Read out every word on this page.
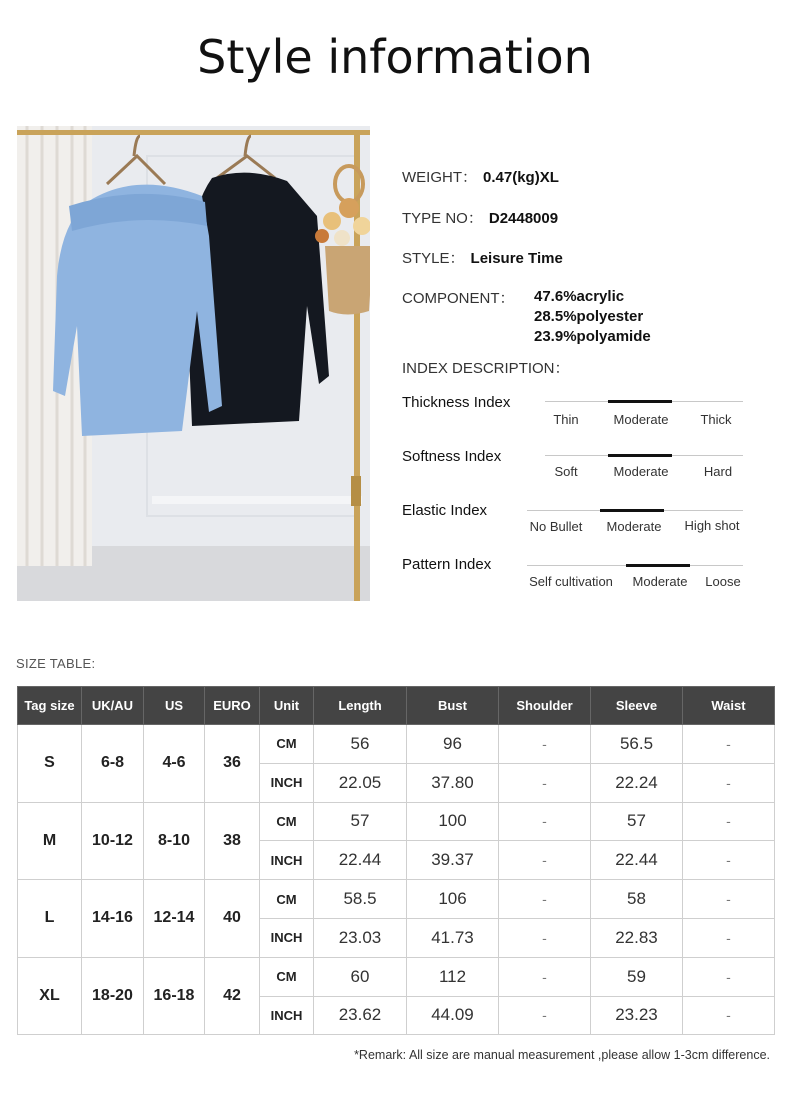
Style information
WEIGHT： 0.47(kg)XL
TYPE NO： D2448009
STYLE： Leisure Time
COMPONENT： 47.6%acrylic
28.5%polyester
23.9%polyamide
INDEX DESCRIPTION：
Thickness Index
Thin	Moderate Thick
Softness Index
Soft	Moderate	Hard
Elastic Index
No Bullet Moderate High shot
Pattern Index
Self cultivation Moderate Loose
SIZE TABLE:
Tag size	UK/AU	US	EURO	Unit	Length	Bust	Shoulder	Sleeve	Waist
S	6-8	4-6	36	CM	56	96	-	56.5	-
				INCH	22.05	37.80	-	22.24	-
M	10-12	8-10	38	CM	57	100	-	57	-
				INCH	22.44	39.37	-	22.44	-
L	14-16	12-14	40	CM	58.5	106	-	58	-
				INCH	23.03	41.73	-	22.83	-
XL	18-20	16-18	42	CM	60	112	-	59	-
				INCH	23.62	44.09	-	23.23	-
*Remark: All size are manual measurement ,please allow 1-3cm difference.
